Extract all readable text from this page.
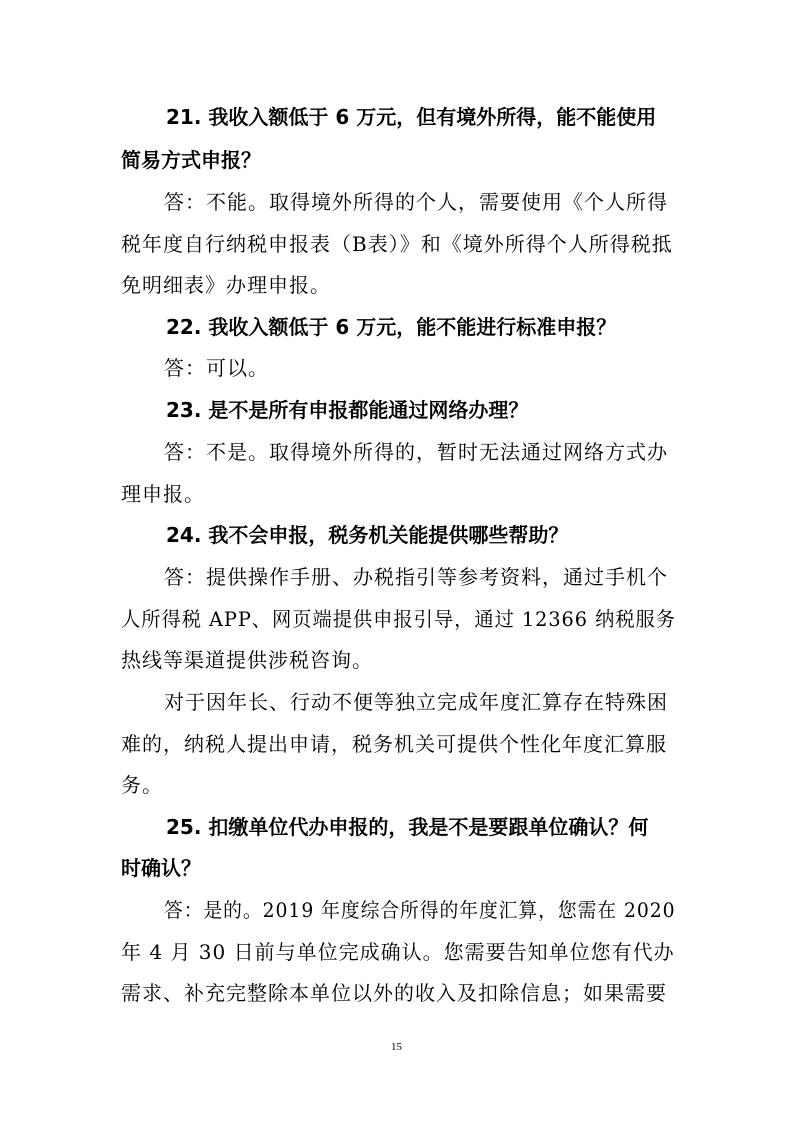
21. 我收入额低于 6 万元，但有境外所得，能不能使用
简易方式申报？
答：不能。取得境外所得的个人，需要使用《个人所得
税年度自行纳税申报表（B表）》和《境外所得个人所得税抵
免明细表》办理申报。
22. 我收入额低于 6 万元，能不能进行标准申报？
答：可以。
23. 是不是所有申报都能通过网络办理？
答：不是。取得境外所得的，暂时无法通过网络方式办
理申报。
24. 我不会申报，税务机关能提供哪些帮助？
答：提供操作手册、办税指引等参考资料，通过手机个
人所得税 APP、网页端提供申报引导，通过 12366 纳税服务
热线等渠道提供涉税咨询。
对于因年长、行动不便等独立完成年度汇算存在特殊困
难的，纳税人提出申请，税务机关可提供个性化年度汇算服
务。
25. 扣缴单位代办申报的，我是不是要跟单位确认？何
时确认？
答：是的。2019 年度综合所得的年度汇算，您需在 2020
年 4 月 30 日前与单位完成确认。您需要告知单位您有代办
需求、补充完整除本单位以外的收入及扣除信息；如果需要
15
